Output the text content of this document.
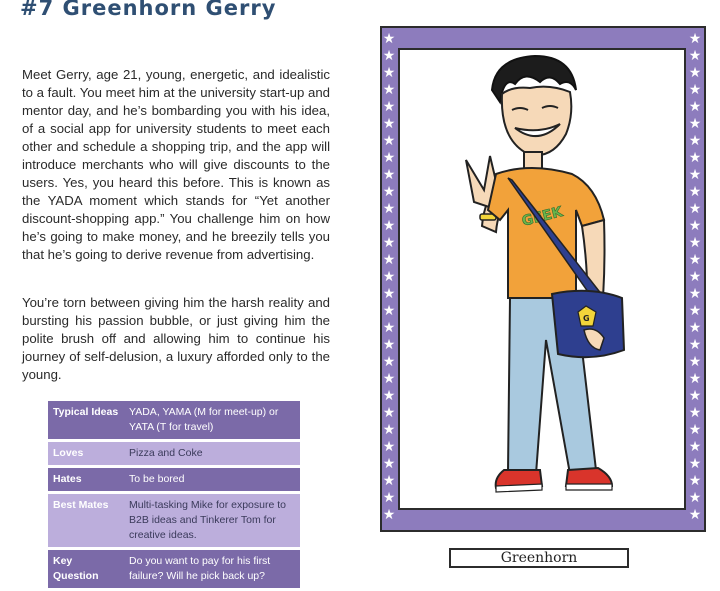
#7 Greenhorn Gerry

Meet Gerry, age 21, young, energetic, and idealistic to a fault. You meet him at the university start-up and mentor day, and he’s bombarding you with his idea, of a social app for university students to meet each other and schedule a shopping trip, and the app will introduce merchants who will give discounts to the users. Yes, you heard this before. This is known as the YADA moment which stands for “Yet another discount-shopping app.” You challenge him on how he’s going to make money, and he breezily tells you that he’s going to derive revenue from advertising.

You’re torn between giving him the harsh reality and bursting his passion bubble, or just giving him the polite brush off and allowing him to continue his journey of self-delusion, a luxury afforded only to the young.

Typical Ideas	YADA, YAMA (M for meet-up) or YATA (T for travel)
Loves	Pizza and Coke
Hates	To be bored
Best Mates	Multi-tasking Mike for exposure to B2B ideas and Tinkerer Tom for creative ideas.
Key Question	Do you want to pay for his first failure? Will he pick back up?
★
★
★
★
★
★
★
★
★
★
★
★
★
★
★
★
★
★
★
★
★
★
★
★
★
★
★
★
★
★
★
★
★
★
★
★
★
★
★
★
★
★
★
★
★
★
★
★
★
★
★
★
★
★
★
★
★
★
GEEK
G
Greenhorn
